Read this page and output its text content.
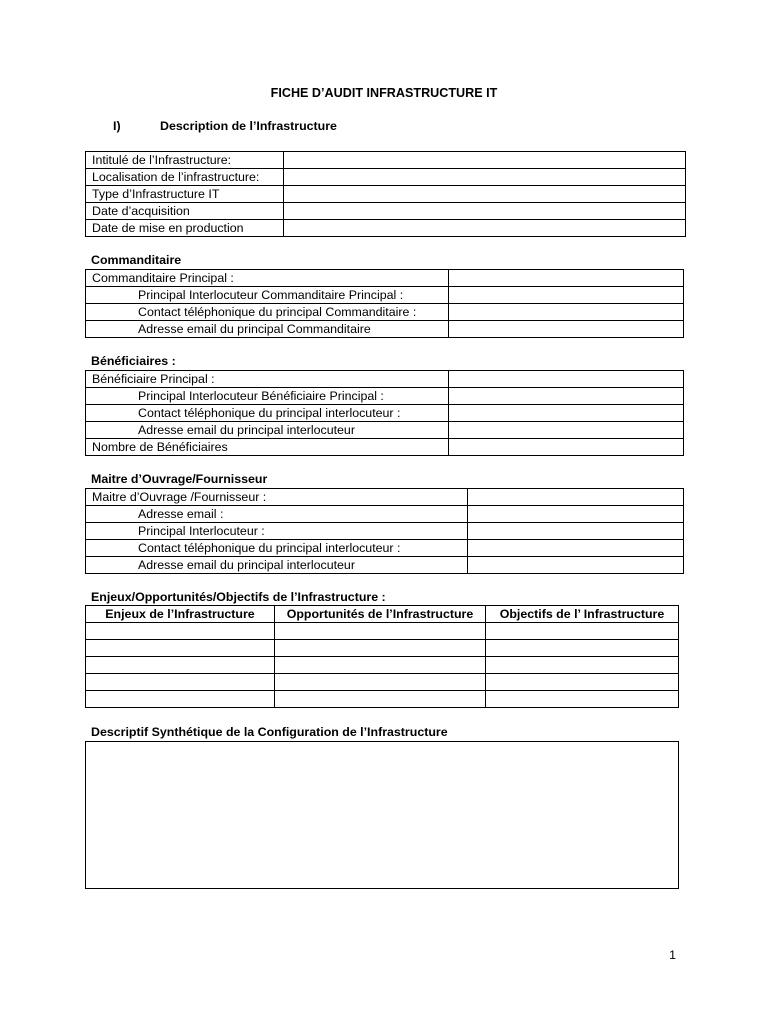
FICHE D’AUDIT INFRASTRUCTURE IT
I)	Description de l’Infrastructure
Intitulé de l’Infrastructure:	
Localisation de l’infrastructure:	
Type d’Infrastructure IT	
Date d’acquisition	
Date de mise en production	
Commanditaire
Commanditaire Principal :	
Principal Interlocuteur Commanditaire Principal :	
Contact téléphonique du principal Commanditaire :	
Adresse email du principal Commanditaire	
Bénéficiaires :
Bénéficiaire Principal :	
Principal Interlocuteur Bénéficiaire Principal :	
Contact téléphonique du principal interlocuteur :	
Adresse email du principal interlocuteur	
Nombre de Bénéficiaires	
Maitre d’Ouvrage/Fournisseur
Maitre d’Ouvrage /Fournisseur :	
Adresse email :	
Principal Interlocuteur :	
Contact téléphonique du principal interlocuteur :	
Adresse email du principal interlocuteur	
Enjeux/Opportunités/Objectifs de l’Infrastructure :
Enjeux de l’Infrastructure	Opportunités de l’Infrastructure	Objectifs de l’ Infrastructure

Descriptif Synthétique de la Configuration de l’Infrastructure
1
